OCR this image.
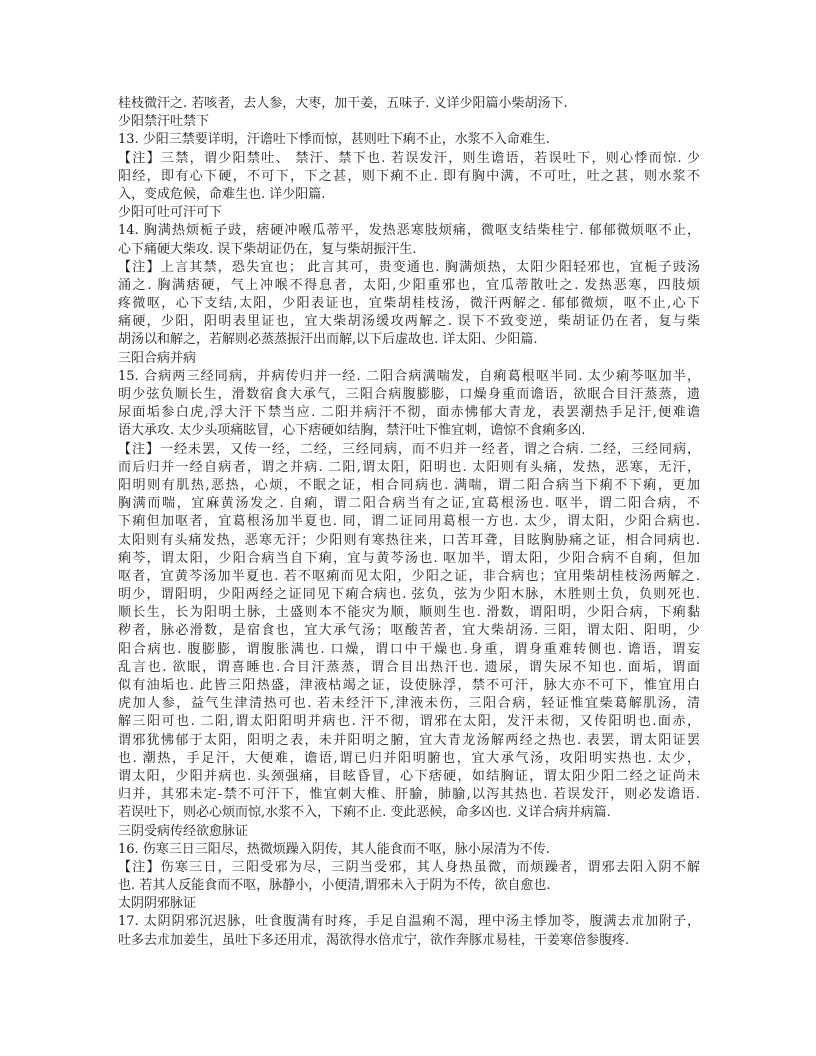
桂枝微汗之. 若咳者，去人参，大枣，加干姜，五味子. 义详少阳篇小柴胡汤下.
少阳禁汗吐禁下
13. 少阳三禁要详明，汗谵吐下悸而惊，甚则吐下痢不止，水浆不入命难生.
【注】三禁，谓少阳禁吐、 禁汗、禁下也. 若误发汗，则生谵语，若误吐下，则心悸而惊. 少
阳经，即有心下硬，不可下，下之甚，则下痢不止. 即有胸中满，不可吐，吐之甚，则水浆不
入，变成危候，命难生也. 详少阳篇.
少阳可吐可汗可下
14. 胸满热烦栀子豉，痞硬冲喉瓜蒂平，发热恶寒肢烦痛，微呕支结柴桂宁. 郁郁微烦呕不止，
心下痛硬大柴攻. 误下柴胡证仍在，复与柴胡振汗生.
【注】上言其禁，恐失宜也； 此言其可，贵变通也. 胸满烦热，太阳少阳轻邪也，宜栀子豉汤
涌之. 胸满痞硬，气上冲喉不得息者，太阳,少阳重邪也，宜瓜蒂散吐之. 发热恶寒，四肢烦
疼微呕，心下支结,太阳，少阳表证也，宜柴胡桂枝汤，微汗两解之. 郁郁微烦，呕不止,心下
痛硬，少阳，阳明表里证也，宜大柴胡汤缓攻两解之. 误下不致变逆，柴胡证仍在者，复与柴
胡汤以和解之，若解则必蒸蒸振汗出而解,以下后虚故也. 详太阳、少阳篇.
三阳合病并病
15. 合病两三经同病，并病传归并一经. 二阳合病满喘发，自痢葛根呕半同. 太少痢芩呕加半，
明少弦负顺长生，滑数宿食大承气，三阳合病腹膨膨，口燥身重而谵语，欲眠合目汗蒸蒸，遗
尿面垢参白虎,浮大汗下禁当应. 二阳并病汗不彻，面赤怫郁大青龙，表罢潮热手足汗,便难谵
语大承攻. 太少头项痛眩冒，心下痞硬如结胸，禁汗吐下惟宜刺，谵惊不食痢多凶.
【注】一经未罢，又传一经，二经，三经同病，而不归并一经者，谓之合病. 二经，三经同病，
而后归并一经自病者，谓之并病. 二阳,谓太阳，阳明也. 太阳则有头痛，发热，恶寒，无汗，
阳明则有肌热,恶热，心烦，不眠之证，相合同病也. 满喘，谓二阳合病当下痢不下痢，更加
胸满而喘，宜麻黄汤发之. 自痢，谓二阳合病当有之证,宜葛根汤也. 呕半，谓二阳合病，不
下痢但加呕者，宜葛根汤加半夏也. 同，谓二证同用葛根一方也. 太少，谓太阳，少阳合病也.
太阳则有头痛发热，恶寒无汗；少阳则有寒热往来，口苦耳聋，目眩胸胁痛之证，相合同病也.
痢芩，谓太阳，少阳合病当自下痢，宜与黄芩汤也. 呕加半，谓太阳，少阳合病不自痢，但加
呕者，宜黄芩汤加半夏也. 若不呕痢而见太阳，少阳之证，非合病也；宜用柴胡桂枝汤两解之.
明少，谓阳明，少阳两经之证同见下痢合病也. 弦负，弦为少阳木脉，木胜则土负，负则死也.
顺长生，长为阳明土脉，土盛则本不能灾为顺，顺则生也. 滑数，谓阳明，少阳合病，下痢黏
秽者，脉必滑数，是宿食也，宜大承气汤；呕酸苦者，宜大柴胡汤. 三阳，谓太阳、阳明，少
阳合病也. 腹膨膨，谓腹胀满也. 口燥，谓口中干燥也.身重，谓身重难转侧也. 谵语，谓妄
乱言也. 欲眠，谓喜睡也.合目汗蒸蒸，谓合目出热汗也. 遗尿，谓失尿不知也. 面垢，谓面
似有油垢也. 此皆三阳热盛，津液枯竭之证，设使脉浮，禁不可汗，脉大亦不可下，惟宜用白
虎加人参，益气生津清热可也. 若未经汗下,津液未伤，三阳合病，轻证惟宜柴葛解肌汤，清
解三阳可也. 二阳,谓太阳阳明并病也. 汗不彻，谓邪在太阳，发汗未彻，又传阳明也.面赤，
谓邪犹怫郁于太阳，阳明之表，未并阳明之腑，宜大青龙汤解两经之热也. 表罢，谓太阳证罢
也. 潮热，手足汗，大便难，谵语,谓已归并阳明腑也，宜大承气汤，攻阳明实热也. 太少，
谓太阳，少阳并病也. 头颈强痛，目眩昏冒，心下痞硬，如结胸证，谓太阳少阳二经之证尚未
归并，其邪未定-禁不可汗下，惟宜刺大椎、肝腧，肺腧,以泻其热也. 若误发汗，则必发谵语.
若误吐下，则必心烦而惊,水浆不入，下痢不止. 变此恶候，命多凶也. 义详合病并病篇.
三阴受病传经欲愈脉证
16. 伤寒三日三阳尽，热微烦躁入阴传，其人能食而不呕，脉小尿清为不传.
【注】伤寒三日，三阳受邪为尽，三阴当受邪，其人身热虽微，而烦躁者，谓邪去阳入阴不解
也. 若其人反能食而不呕，脉静小，小便清,谓邪未入于阴为不传，欲自愈也.
太阴阴邪脉证
17. 太阴阴邪沉迟脉，吐食腹满有时疼，手足自温痢不渴，理中汤主悸加苓，腹满去朮加附子，
吐多去朮加姜生，虽吐下多还用朮，渴欲得水倍朮宁，欲作奔豚朮易桂，干姜寒倍参腹疼.
